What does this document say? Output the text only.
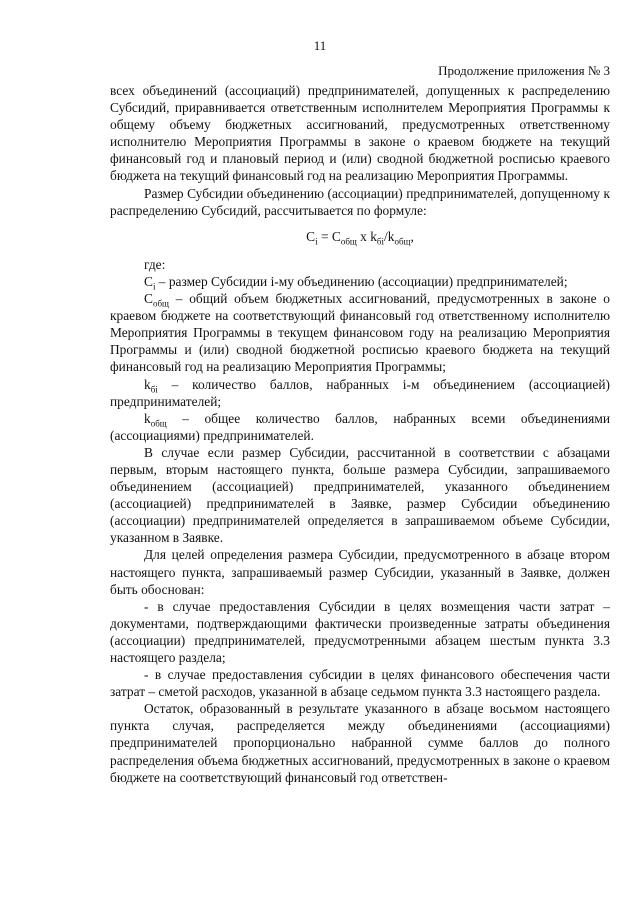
11
Продолжение приложения № 3

всех объединений (ассоциаций) предпринимателей, допущенных к распределению Субсидий, приравнивается ответственным исполнителем Мероприятия Программы к общему объему бюджетных ассигнований, предусмотренных ответственному исполнителю Мероприятия Программы в законе о краевом бюджете на текущий финансовый год и плановый период и (или) сводной бюджетной росписью краевого бюджета на текущий финансовый год на реализацию Мероприятия Программы.

Размер Субсидии объединению (ассоциации) предпринимателей, допущенному к распределению Субсидий, рассчитывается по формуле:

$C_i = C_{общ}$ x $k_{бi}/k_{общ}$,

где:

$C_i$ – размер Субсидии i-му объединению (ассоциации) предпринимателей;

$C_{общ}$ – общий объем бюджетных ассигнований, предусмотренных в законе о краевом бюджете на соответствующий финансовый год ответственному исполнителю Мероприятия Программы в текущем финансовом году на реализацию Мероприятия Программы и (или) сводной бюджетной росписью краевого бюджета на текущий финансовый год на реализацию Мероприятия Программы;

$k_{бi}$ – количество баллов, набранных i-м объединением (ассоциацией) предпринимателей;

$k_{общ}$ – общее количество баллов, набранных всеми объединениями (ассоциациями) предпринимателей.

В случае если размер Субсидии, рассчитанной в соответствии с абзацами первым, вторым настоящего пункта, больше размера Субсидии, запрашиваемого объединением (ассоциацией) предпринимателей, указанного объединением (ассоциацией) предпринимателей в Заявке, размер Субсидии объединению (ассоциации) предпринимателей определяется в запрашиваемом объеме Субсидии, указанном в Заявке.

Для целей определения размера Субсидии, предусмотренного в абзаце втором настоящего пункта, запрашиваемый размер Субсидии, указанный в Заявке, должен быть обоснован:

- в случае предоставления Субсидии в целях возмещения части затрат – документами, подтверждающими фактически произведенные затраты объединения (ассоциации) предпринимателей, предусмотренными абзацем шестым пункта 3.3 настоящего раздела;

- в случае предоставления субсидии в целях финансового обеспечения части затрат – сметой расходов, указанной в абзаце седьмом пункта 3.3 настоящего раздела.

Остаток, образованный в результате указанного в абзаце восьмом настоящего пункта случая, распределяется между объединениями (ассоциациями) предпринимателей пропорционально набранной сумме баллов до полного распределения объема бюджетных ассигнований, предусмотренных в законе о краевом бюджете на соответствующий финансовый год ответствен-
